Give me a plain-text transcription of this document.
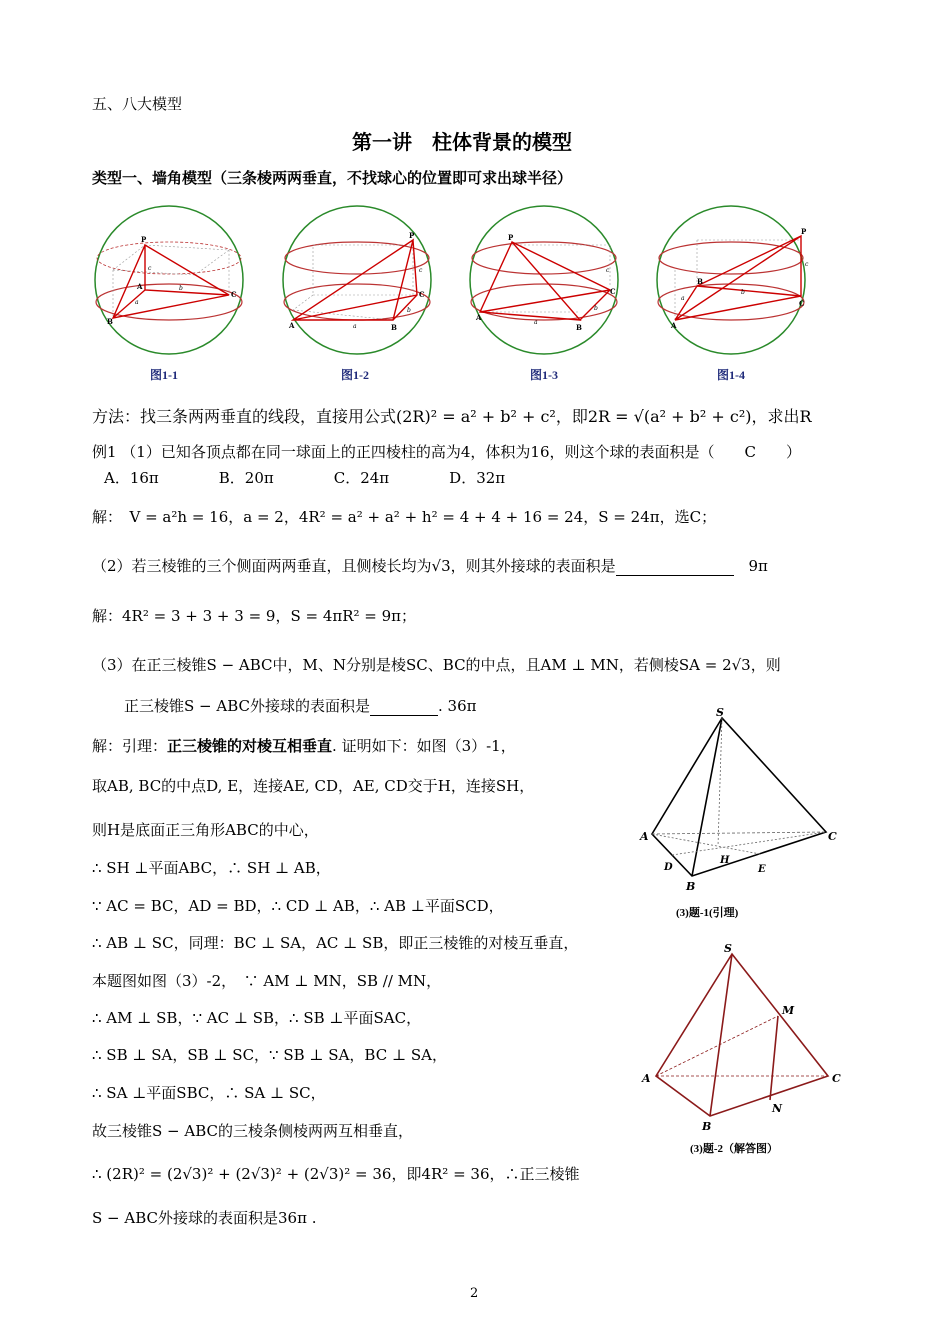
五、八大模型
第一讲　柱体背景的模型
类型一、墙角模型（三条棱两两垂直，不找球心的位置即可求出球半径）
P
A
C
B
c
b
a
P
A
C
B
c
b
a
P
A
C
B
c
b
a
P
A
C
B
c
b
a
图1-1	图1-2	图1-3	图1-4
方法：找三条两两垂直的线段，直接用公式(2R)² = a² + b² + c²，即2R = √(a² + b² + c²)，求出R
例1 （1）已知各顶点都在同一球面上的正四棱柱的高为4，体积为16，则这个球的表面积是（　　C　　）
A．16π　　　　B．20π　　　　C．24π　　　　D．32π
解：　V = a²h = 16，a = 2，4R² = a² + a² + h² = 4 + 4 + 16 = 24，S = 24π，选C；
（2）若三棱锥的三个侧面两两垂直，且侧棱长均为√3，则其外接球的表面积是	9π
解：4R² = 3 + 3 + 3 = 9，S = 4πR² = 9π；
（3）在正三棱锥S − ABC中，M、N分别是棱SC、BC的中点，且AM ⊥ MN，若侧棱SA = 2√3，则
正三棱锥S − ABC外接球的表面积是	. 36π
解：引理：正三棱锥的对棱互相垂直. 证明如下：如图（3）-1，
取AB, BC的中点D, E，连接AE, CD，AE, CD交于H，连接SH，
则H是底面正三角形ABC的中心，
∴ SH ⊥平面ABC，∴ SH ⊥ AB，
∵ AC = BC，AD = BD，∴ CD ⊥ AB，∴ AB ⊥平面SCD，
∴ AB ⊥ SC，同理：BC ⊥ SA，AC ⊥ SB，即正三棱锥的对棱互垂直，
本题图如图（3）-2，　∵ AM ⊥ MN，SB // MN，
∴ AM ⊥ SB，∵ AC ⊥ SB，∴ SB ⊥平面SAC，
∴ SB ⊥ SA，SB ⊥ SC，∵ SB ⊥ SA，BC ⊥ SA，
∴ SA ⊥平面SBC，∴ SA ⊥ SC，
故三棱锥S − ABC的三棱条侧棱两两互相垂直，
∴ (2R)² = (2√3)² + (2√3)² + (2√3)² = 36，即4R² = 36，∴正三棱锥
S − ABC外接球的表面积是36π .
S
A	C
B
D
H
E
(3)题-1(引理)
S
A	C
B
M
N
(3)题-2（解答图）
2
